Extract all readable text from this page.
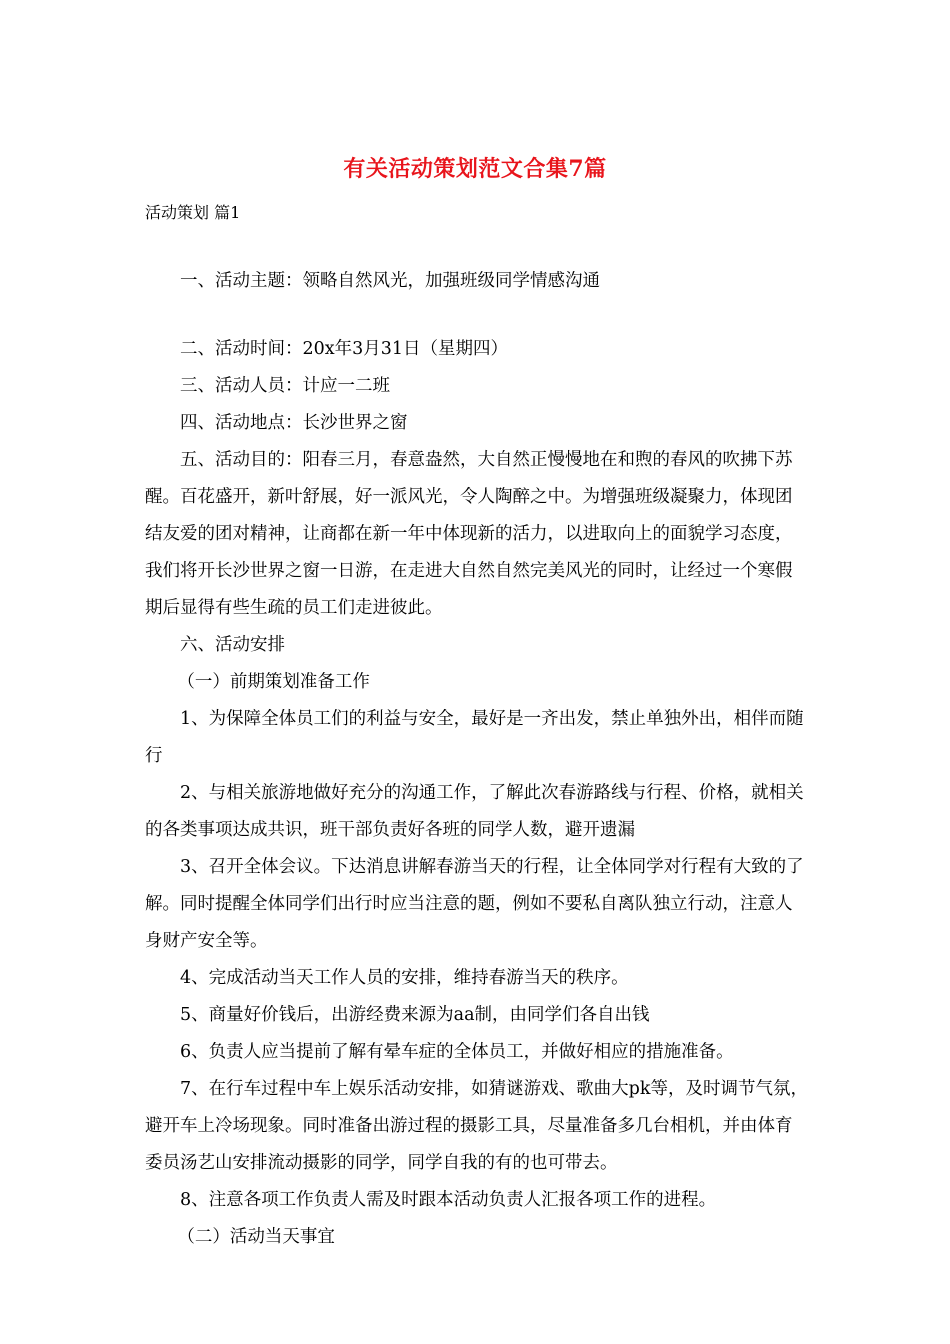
有关活动策划范文合集7篇
活动策划 篇1

一、活动主题：领略自然风光，加强班级同学情感沟通

二、活动时间：20x年3月31日（星期四）

三、活动人员：计应一二班

四、活动地点：长沙世界之窗

五、活动目的：阳春三月，春意盎然，大自然正慢慢地在和煦的春风的吹拂下苏醒。百花盛开，新叶舒展，好一派风光，令人陶醉之中。为增强班级凝聚力，体现团结友爱的团对精神，让商都在新一年中体现新的活力，以进取向上的面貌学习态度，我们将开长沙世界之窗一日游，在走进大自然自然完美风光的同时，让经过一个寒假期后显得有些生疏的员工们走进彼此。

六、活动安排

（一）前期策划准备工作

1、为保障全体员工们的利益与安全，最好是一齐出发，禁止单独外出，相伴而随行

2、与相关旅游地做好充分的沟通工作，了解此次春游路线与行程、价格，就相关的各类事项达成共识，班干部负责好各班的同学人数，避开遗漏

3、召开全体会议。下达消息讲解春游当天的行程，让全体同学对行程有大致的了解。同时提醒全体同学们出行时应当注意的题，例如不要私自离队独立行动，注意人身财产安全等。

4、完成活动当天工作人员的安排，维持春游当天的秩序。

5、商量好价钱后，出游经费来源为aa制，由同学们各自出钱

6、负责人应当提前了解有晕车症的全体员工，并做好相应的措施准备。

7、在行车过程中车上娱乐活动安排，如猜谜游戏、歌曲大pk等，及时调节气氛，避开车上冷场现象。同时准备出游过程的摄影工具，尽量准备多几台相机，并由体育委员汤艺山安排流动摄影的同学，同学自我的有的也可带去。

8、注意各项工作负责人需及时跟本活动负责人汇报各项工作的进程。

（二）活动当天事宜
